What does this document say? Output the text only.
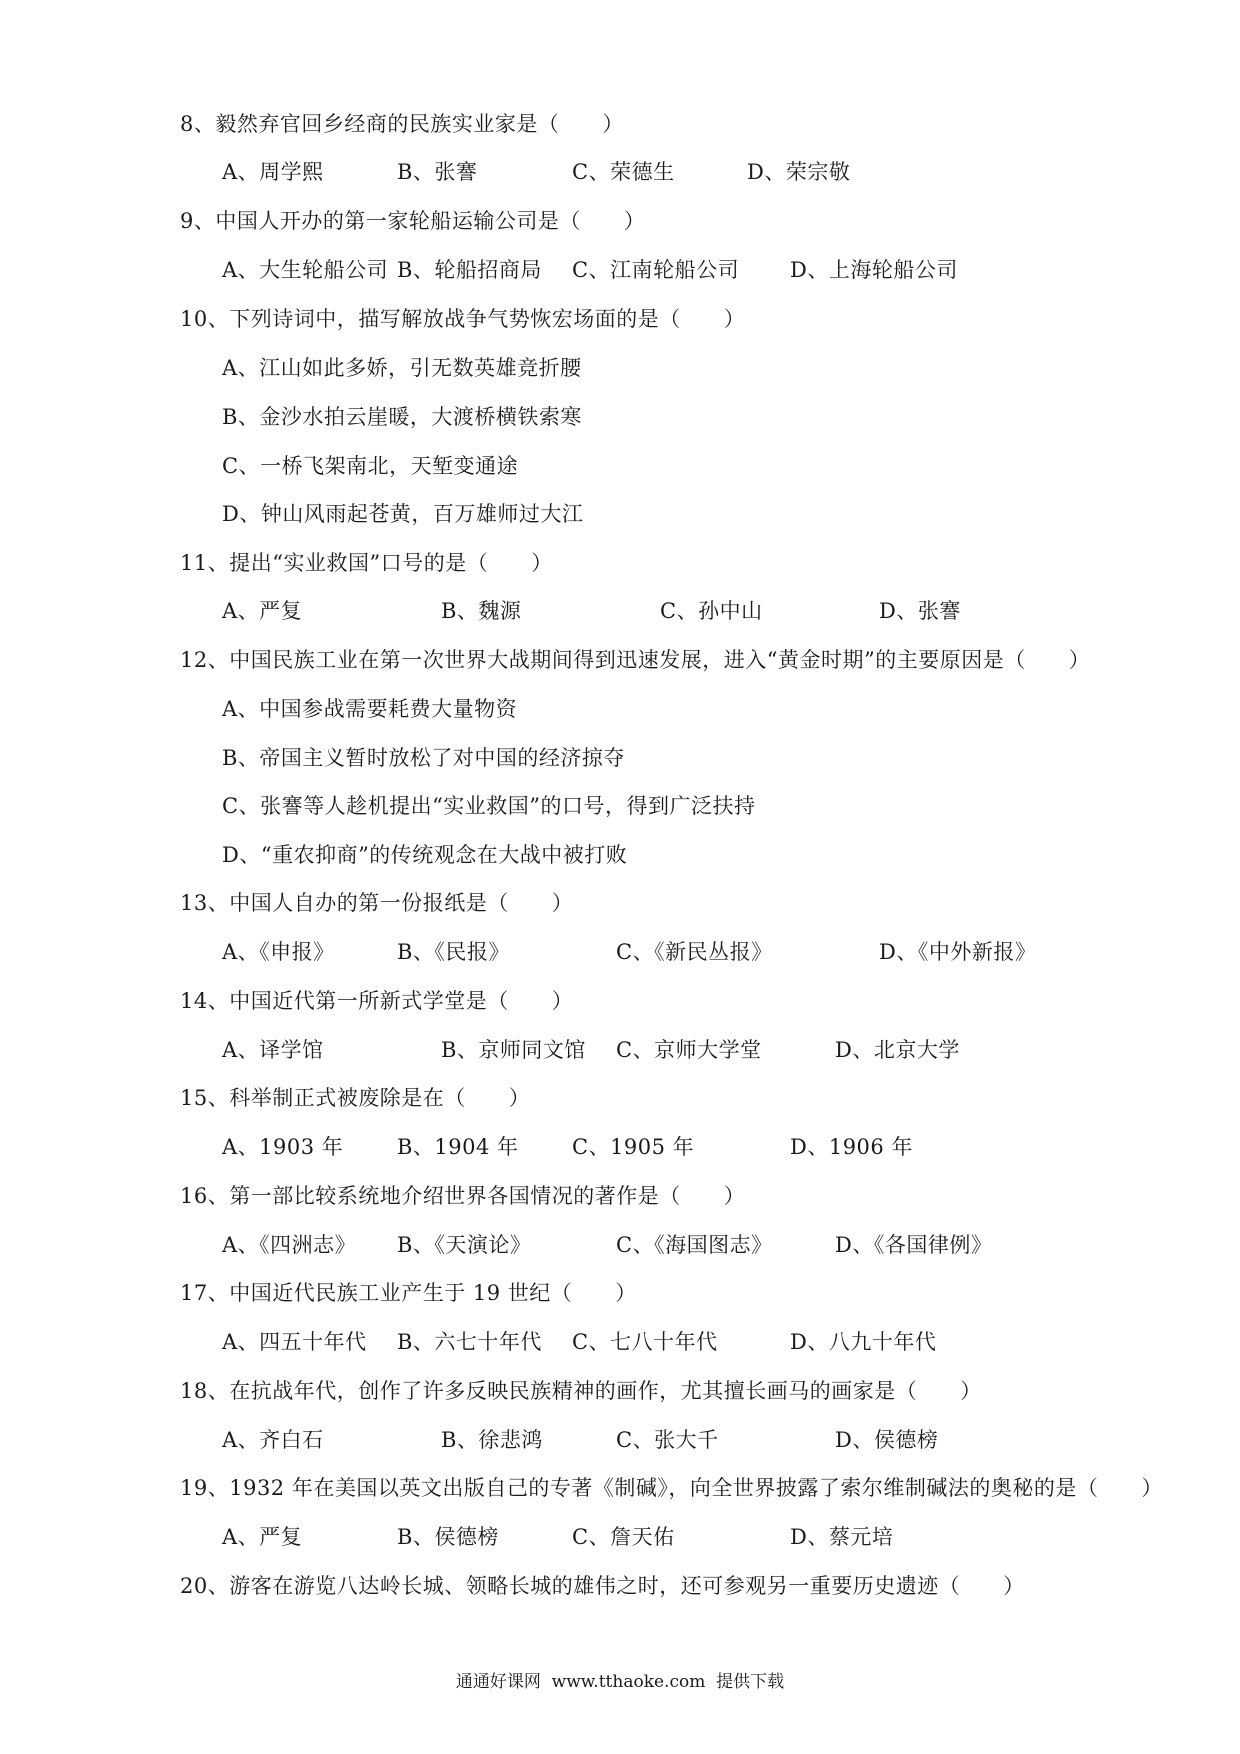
8、毅然弃官回乡经商的民族实业家是（　　）
A、周学熙	B、张謇	C、荣德生	D、荣宗敬
9、中国人开办的第一家轮船运输公司是（　　）
A、大生轮船公司 B、轮船招商局 C、江南轮船公司 D、上海轮船公司
10、下列诗词中，描写解放战争气势恢宏场面的是（　　）
A、江山如此多娇，引无数英雄竞折腰
B、金沙水拍云崖暖，大渡桥横铁索寒
C、一桥飞架南北，天堑变通途
D、钟山风雨起苍黄，百万雄师过大江
11、提出“实业救国”口号的是（　　）
A、严复	B、魏源	C、孙中山	D、张謇
12、中国民族工业在第一次世界大战期间得到迅速发展，进入“黄金时期”的主要原因是（　　）
A、中国参战需要耗费大量物资
B、帝国主义暂时放松了对中国的经济掠夺
C、张謇等人趁机提出“实业救国”的口号，得到广泛扶持
D、“重农抑商”的传统观念在大战中被打败
13、中国人自办的第一份报纸是（　　）
A、《申报》	B、《民报》	C、《新民丛报》	D、《中外新报》
14、中国近代第一所新式学堂是（　　）
A、译学馆	B、京师同文馆 C、京师大学堂	D、北京大学
15、科举制正式被废除是在（　　）
A、1903 年	B、1904 年	C、1905 年	D、1906 年
16、第一部比较系统地介绍世界各国情况的著作是（　　）
A、《四洲志》 B、《天演论》	C、《海国图志》	D、《各国律例》
17、中国近代民族工业产生于 19 世纪（　　）
A、四五十年代 B、六七十年代 C、七八十年代	D、八九十年代
18、在抗战年代，创作了许多反映民族精神的画作，尤其擅长画马的画家是（　　）
A、齐白石	B、徐悲鸿	C、张大千	D、侯德榜
19、1932 年在美国以英文出版自己的专著《制碱》，向全世界披露了索尔维制碱法的奥秘的是（　　）
A、严复	B、侯德榜	C、詹天佑	D、蔡元培
20、游客在游览八达岭长城、领略长城的雄伟之时，还可参观另一重要历史遗迹（　　）
通通好课网  www.tthaoke.com  提供下载
